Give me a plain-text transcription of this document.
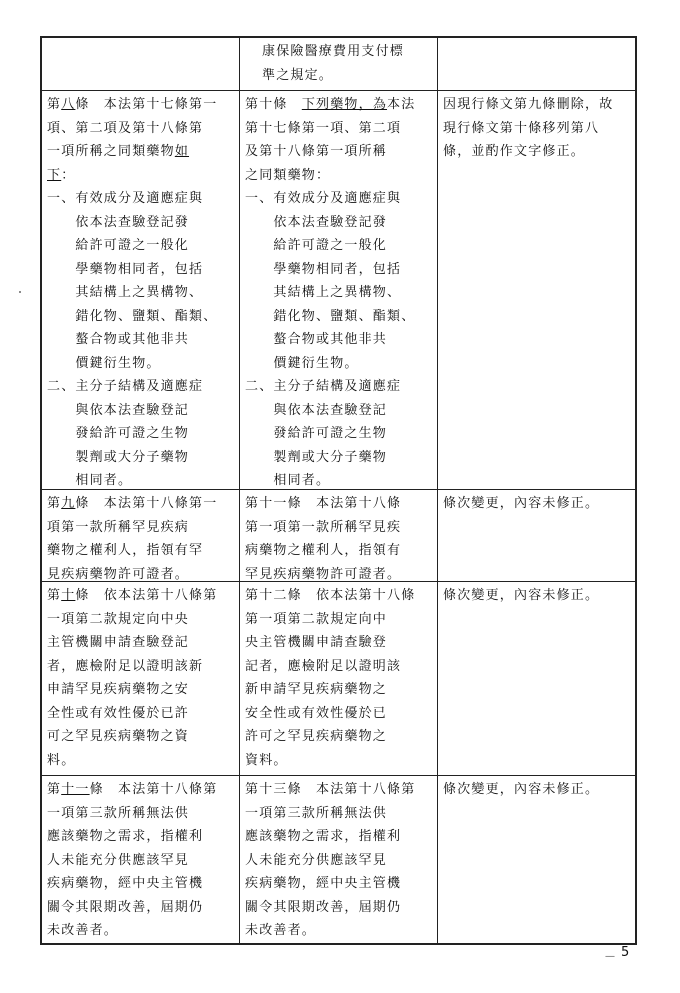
康保險醫療費用支付標
準之規定。
第八條　本法第十七條第一
項、第二項及第十八條第
一項所稱之同類藥物如
下：
一、 有效成分及適應症與
依本法查驗登記發
給許可證之一般化
學藥物相同者，包括
其結構上之異構物、
錯化物、鹽類、酯類、
螯合物或其他非共
價鍵衍生物。
二、 主分子結構及適應症
與依本法查驗登記
發給許可證之生物
製劑或大分子藥物
相同者。
第十條　下列藥物，為本法
第十七條第一項、第二項
及第十八條第一項所稱
之同類藥物：
一、 有效成分及適應症與
依本法查驗登記發
給許可證之一般化
學藥物相同者，包括
其結構上之異構物、
錯化物、鹽類、酯類、
螯合物或其他非共
價鍵衍生物。
二、 主分子結構及適應症
與依本法查驗登記
發給許可證之生物
製劑或大分子藥物
相同者。
因現行條文第九條刪除，故
現行條文第十條移列第八
條，並酌作文字修正。
第九條　本法第十八條第一
項第一款所稱罕見疾病
藥物之權利人，指領有罕
見疾病藥物許可證者。
第十一條　本法第十八條
第一項第一款所稱罕見疾
病藥物之權利人，指領有
罕見疾病藥物許可證者。
條次變更，內容未修正。
第十條　依本法第十八條第
一項第二款規定向中央
主管機關申請查驗登記
者，應檢附足以證明該新
申請罕見疾病藥物之安
全性或有效性優於已許
可之罕見疾病藥物之資
料。
第十二條　依本法第十八條
第一項第二款規定向中
央主管機關申請查驗登
記者，應檢附足以證明該
新申請罕見疾病藥物之
安全性或有效性優於已
許可之罕見疾病藥物之
資料。
條次變更，內容未修正。
第十一條　本法第十八條第
一項第三款所稱無法供
應該藥物之需求，指權利
人未能充分供應該罕見
疾病藥物，經中央主管機
關令其限期改善，屆期仍
未改善者。
第十三條　本法第十八條第
一項第三款所稱無法供
應該藥物之需求，指權利
人未能充分供應該罕見
疾病藥物，經中央主管機
關令其限期改善，屆期仍
未改善者。
條次變更，內容未修正。
— 5
